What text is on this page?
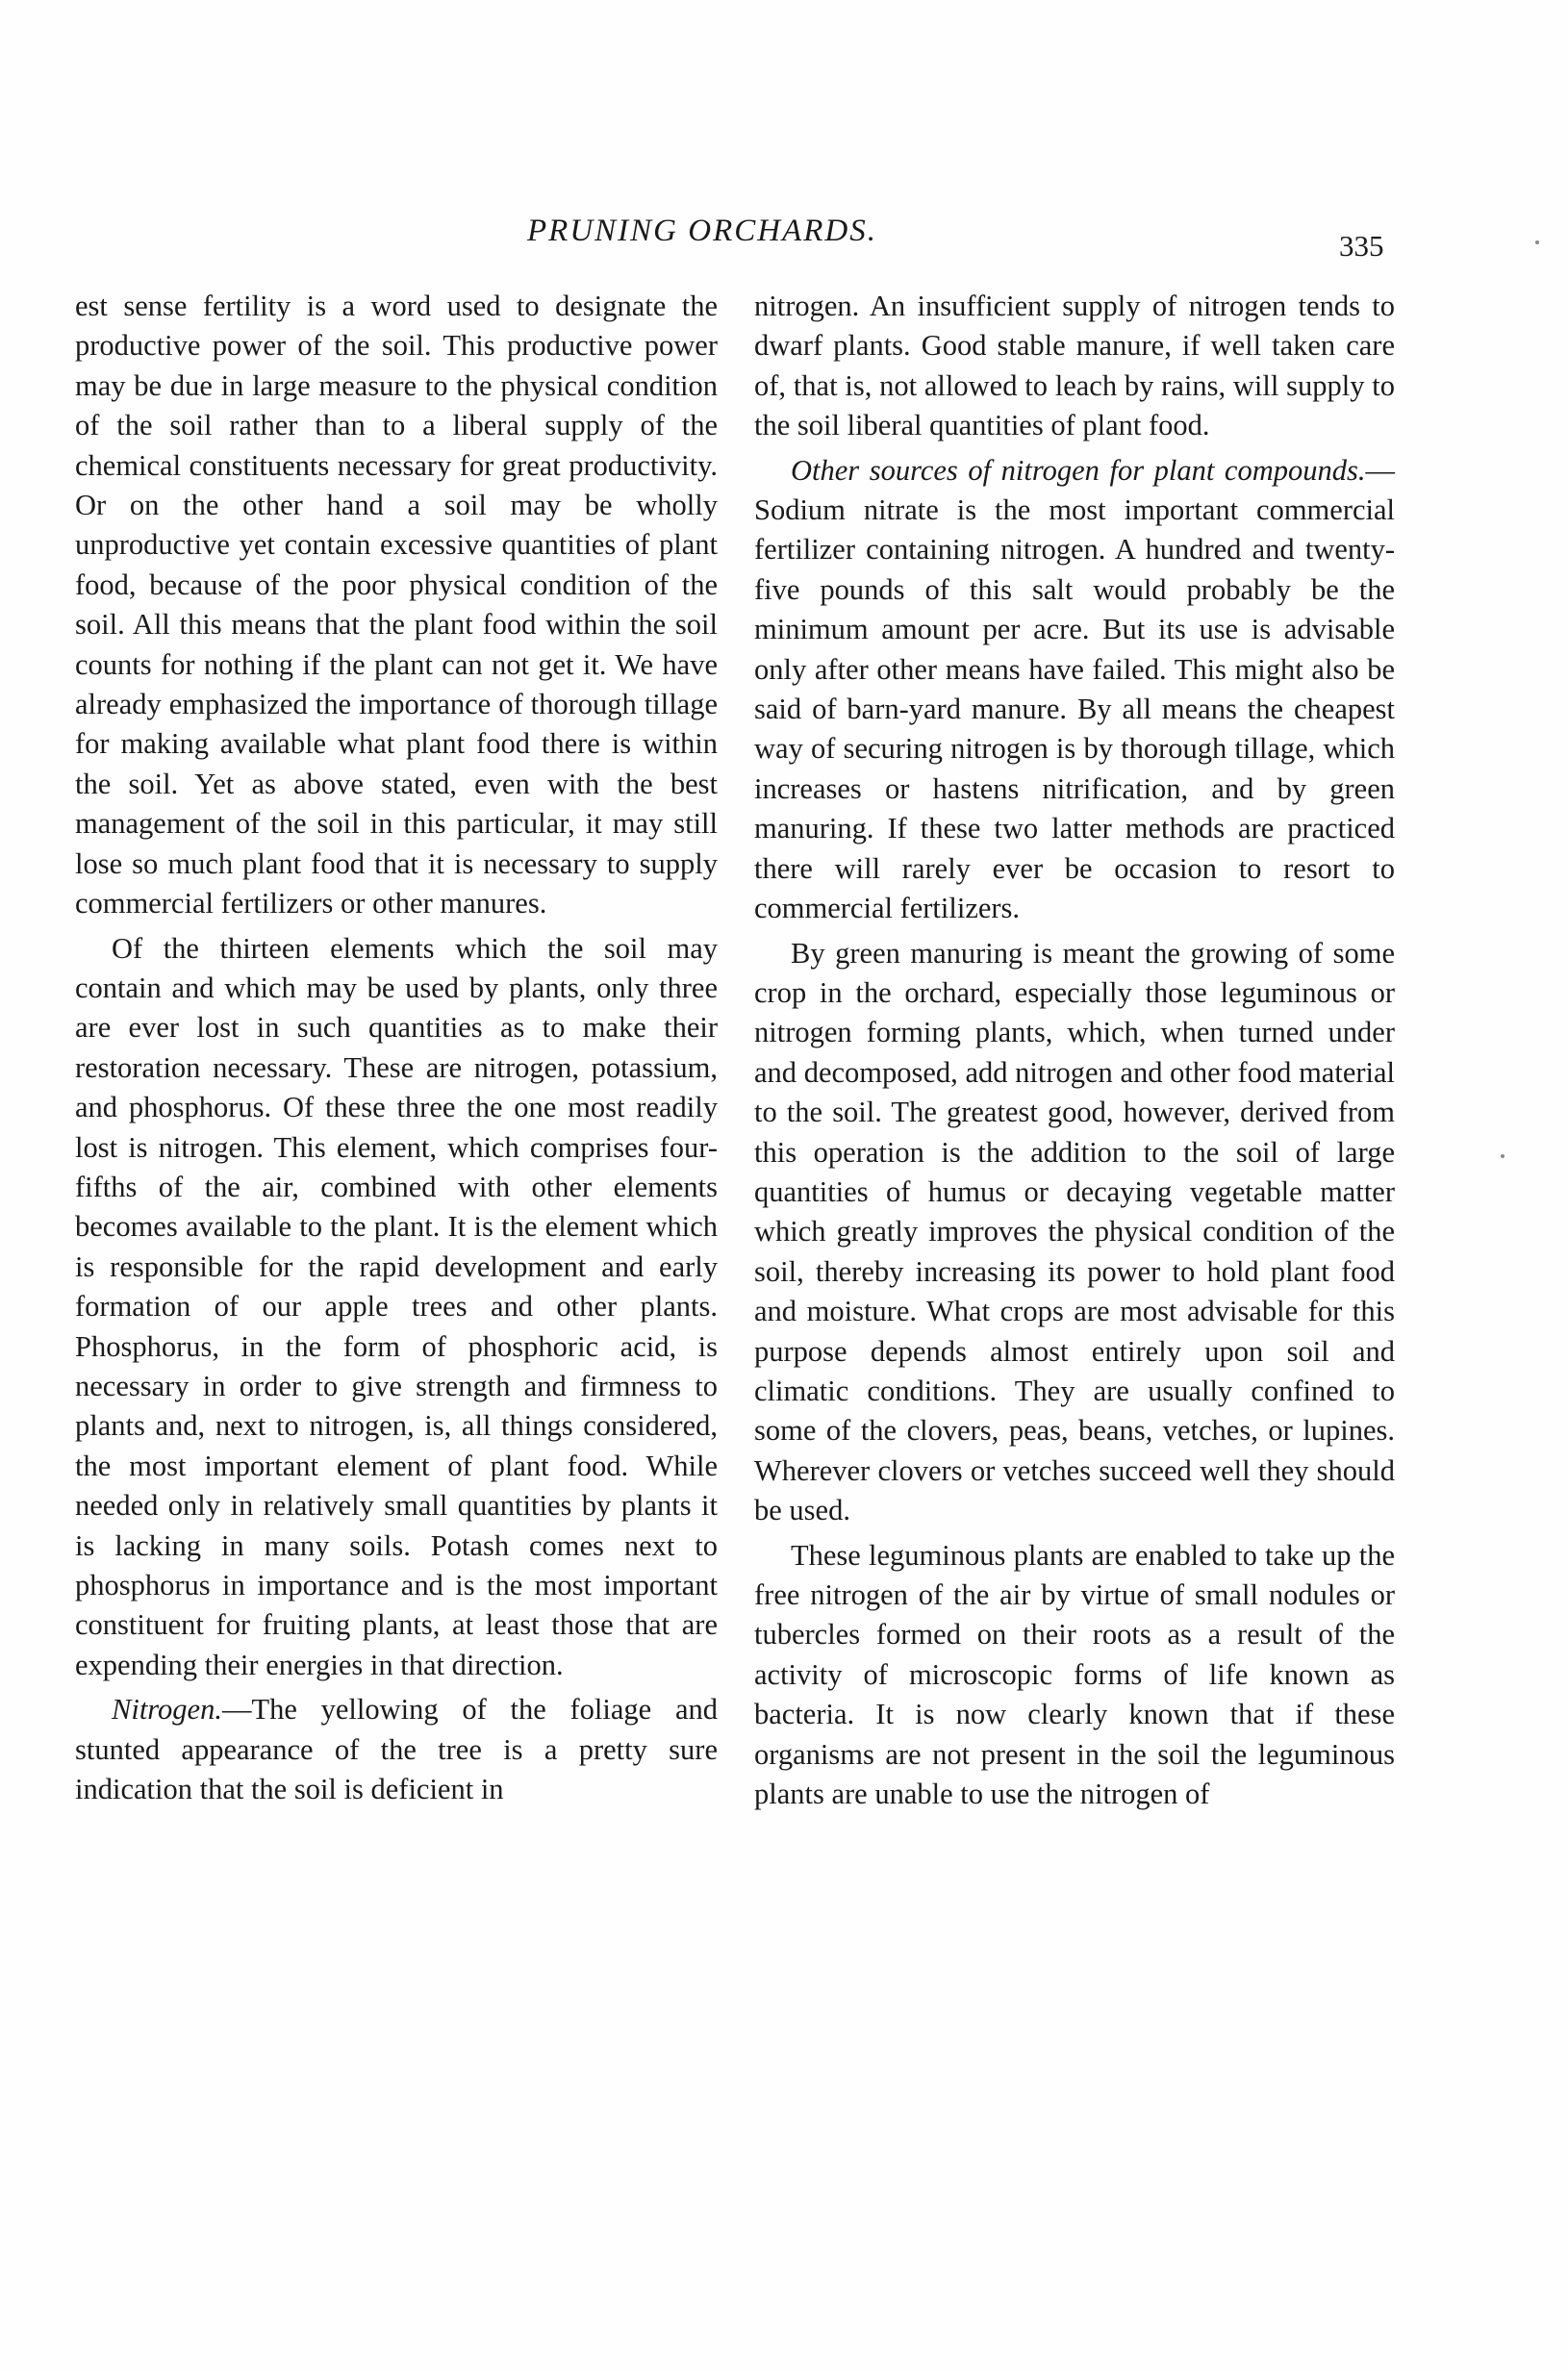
PRUNING ORCHARDS.	335

est sense fertility is a word used to designate the productive power of the soil. This productive power may be due in large measure to the physical condition of the soil rather than to a liberal supply of the chemical constituents necessary for great productivity. Or on the other hand a soil may be wholly unproductive yet contain excessive quantities of plant food, because of the poor physical condition of the soil. All this means that the plant food within the soil counts for nothing if the plant can not get it. We have already emphasized the importance of thorough tillage for making available what plant food there is within the soil. Yet as above stated, even with the best management of the soil in this particular, it may still lose so much plant food that it is necessary to supply commercial fertilizers or other manures.

Of the thirteen elements which the soil may contain and which may be used by plants, only three are ever lost in such quantities as to make their restoration necessary. These are nitrogen, potassium, and phosphorus. Of these three the one most readily lost is nitrogen. This element, which comprises four-fifths of the air, combined with other elements becomes available to the plant. It is the element which is responsible for the rapid development and early formation of our apple trees and other plants. Phosphorus, in the form of phosphoric acid, is necessary in order to give strength and firmness to plants and, next to nitrogen, is, all things considered, the most important element of plant food. While needed only in relatively small quantities by plants it is lacking in many soils. Potash comes next to phosphorus in importance and is the most important constituent for fruiting plants, at least those that are expending their energies in that direction.

Nitrogen.—The yellowing of the foliage and stunted appearance of the tree is a pretty sure indication that the soil is deficient in

nitrogen. An insufficient supply of nitrogen tends to dwarf plants. Good stable manure, if well taken care of, that is, not allowed to leach by rains, will supply to the soil liberal quantities of plant food.

Other sources of nitrogen for plant compounds.—Sodium nitrate is the most important commercial fertilizer containing nitrogen. A hundred and twenty-five pounds of this salt would probably be the minimum amount per acre. But its use is advisable only after other means have failed. This might also be said of barn-yard manure. By all means the cheapest way of securing nitrogen is by thorough tillage, which increases or hastens nitrification, and by green manuring. If these two latter methods are practiced there will rarely ever be occasion to resort to commercial fertilizers.

By green manuring is meant the growing of some crop in the orchard, especially those leguminous or nitrogen forming plants, which, when turned under and decomposed, add nitrogen and other food material to the soil. The greatest good, however, derived from this operation is the addition to the soil of large quantities of humus or decaying vegetable matter which greatly improves the physical condition of the soil, thereby increasing its power to hold plant food and moisture. What crops are most advisable for this purpose depends almost entirely upon soil and climatic conditions. They are usually confined to some of the clovers, peas, beans, vetches, or lupines. Wherever clovers or vetches succeed well they should be used.

These leguminous plants are enabled to take up the free nitrogen of the air by virtue of small nodules or tubercles formed on their roots as a result of the activity of microscopic forms of life known as bacteria. It is now clearly known that if these organisms are not present in the soil the leguminous plants are unable to use the nitrogen of
